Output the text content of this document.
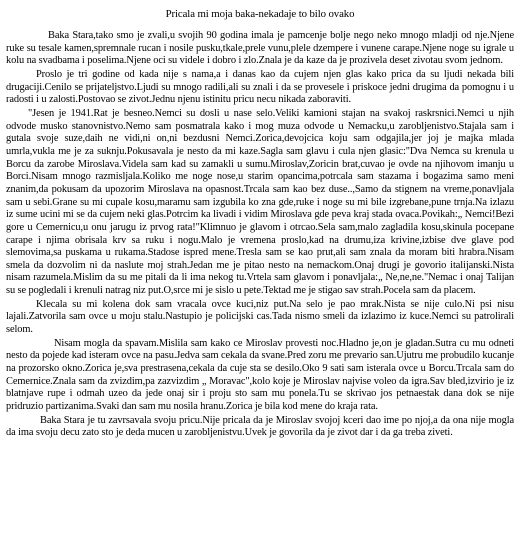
Pricala mi moja baka-nekadaje to bilo ovako
Baka Stara,tako smo je zvali,u svojih 90 godina imala je pamcenje bolje nego neko mnogo mladji od nje.Njene ruke su tesale kamen,spremnale rucan i nosile pusku,tkale,prele vunu,plele dzempere i vunene carape.Njene noge su igrale u kolu na svadbama i poselima.Njene oci su videle i dobro i zlo.Znala je da kaze da je prozivela deset zivotau svom jednom.
Proslo je tri godine od kada nije s nama,a i danas kao da cujem njen glas kako prica da su ljudi nekada bili drugaciji.Cenilo se prijateljstvo.Ljudi su mnogo radili,ali su znali i da se provesele i priskoce jedni drugima da pomognu i u radosti i u zalosti.Postovao se zivot.Jednu njenu istinitu pricu necu nikada zaboraviti.
"Jesen je 1941.Rat je besneo.Nemci su dosli u nase selo.Veliki kamioni stajan na svakoj raskrsnici.Nemci u njih odvode musko stanovnistvo.Nemo sam posmatrala kako i mog muza odvode u Nemacku,u zarobljenistvo.Stajala sam i gutala svoje suze,daih ne vidi,ni on,ni bezdusni Nemci.Zorica,devojcica koju sam odgajila,jer joj je majka mlada umrla,vukla me je za suknju.Pokusavala je nesto da mi kaze.Sagla sam glavu i cula njen glasic:"Dva Nemca su krenula u Borcu da zarobe Miroslava.Videla sam kad su zamakli u sumu.Miroslav,Zoricin brat,cuvao je ovde na njihovom imanju u Borci.Nisam mnogo razmisljala.Koliko me noge nose,u starim opancima,potrcala sam stazama i bogazima samo meni znanim,da pokusam da upozorim Miroslava na opasnost.Trcala sam kao bez duse..,Samo da stignem na vreme,ponavljala sam u sebi.Grane su mi cupale kosu,maramu sam izgubila ko zna gde,ruke i noge su mi bile izgrebane,pune trnja.Na izlazu iz sume ucini mi se da cujem neki glas.Potrcim ka livadi i vidim Miroslava gde peva kraj stada ovaca.Povikah:„ Nemci!Bezi gore u Cemernicu,u onu jarugu iz prvog rata!"Klimnuo je glavom i otrcao.Sela sam,malo zagladila kosu,skinula pocepane carape i njima obrisala krv sa ruku i nogu.Malo je vremena proslo,kad na drumu,iza krivine,izbise dve glave pod slemovima,sa puskama u rukama.Stadose ispred mene.Tresla sam se kao prut,ali sam znala da moram biti hrabra.Nisam smela da dozvolim ni da naslute moj strah.Jedan me je pitao nesto na nemackom.Onaj drugi je govorio italijanski.Nista nisam razumela.Mislim da su me pitali da li ima nekog tu.Vrtela sam glavom i ponavljala:„ Ne,ne,ne."Nemac i onaj Talijan su se pogledali i krenuli natrag niz put.O,srce mi je sislo u pete.Tektad me je stigao sav strah.Pocela sam da placem.
Klecala su mi kolena dok sam vracala ovce kuci,niz put.Na selo je pao mrak.Nista se nije culo.Ni psi nisu lajali.Zatvorila sam ovce u moju stalu.Nastupio je policijski cas.Tada nismo smeli da izlazimo iz kuce.Nemci su patrolirali selom.
Nisam mogla da spavam.Mislila sam kako ce Miroslav provesti noc.Hladno je,on je gladan.Sutra cu mu odneti nesto da pojede kad isteram ovce na pasu.Jedva sam cekala da svane.Pred zoru me prevario san.Ujutru me probudilo kucanje na prozorsko okno.Zorica je,sva prestrasena,cekala da cuje sta se desilo.Oko 9 sati sam isterala ovce u Borcu.Trcala sam do Cemernice.Znala sam da zvizdim,pa zazvizdim „ Moravac",kolo koje je Miroslav najvise voleo da igra.Sav bled,izvirio je iz blatnjave rupe i odmah uzeo da jede onaj sir i proju sto sam mu ponela.Tu se skrivao jos petnaestak dana dok se nije pridruzio partizanima.Svaki dan sam mu nosila hranu.Zorica je bila kod mene do kraja rata.
Baka Stara je tu zavrsavala svoju pricu.Nije pricala da je Miroslav svojoj kceri dao ime po njoj,a da ona nije mogla da ima svoju decu zato sto je deda mucen u zarobljenistvu.Uvek je govorila da je zivot dar i da ga treba ziveti.
